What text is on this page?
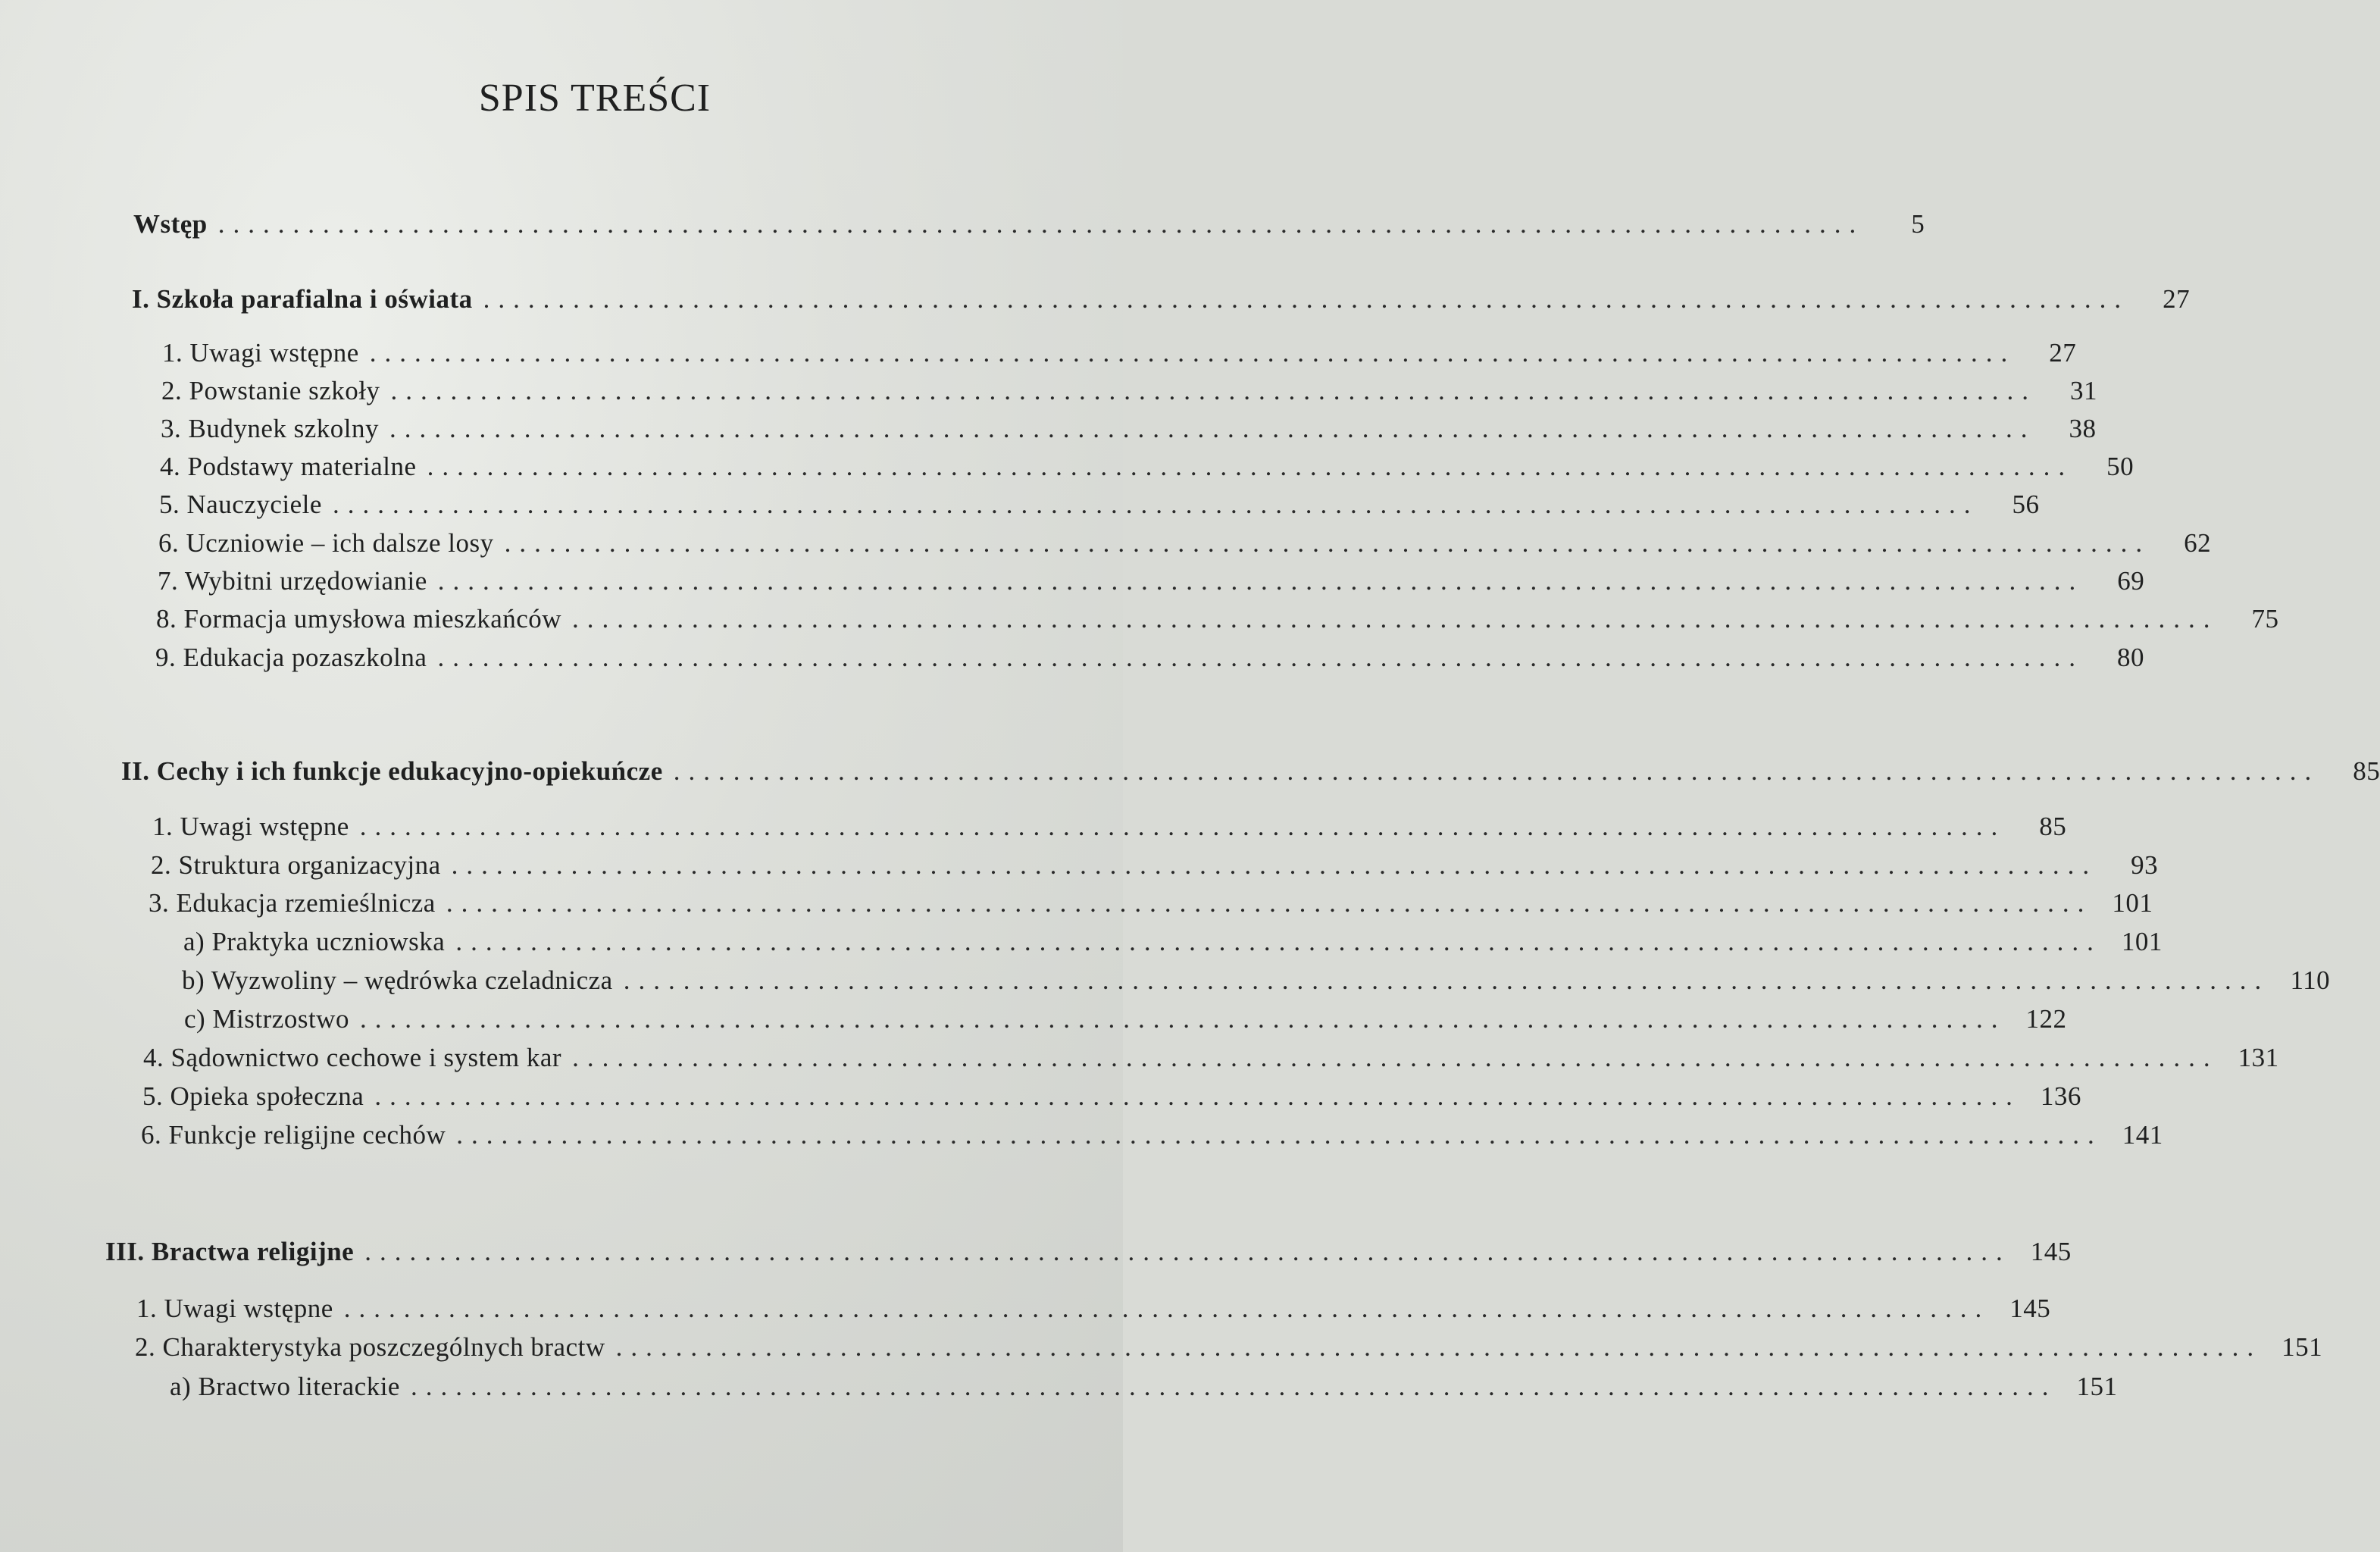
SPIS TREŚCI
Wstęp ..............................................................................................................	5
I. Szkoła parafialna i oświata ..............................................................................................................	27
1. Uwagi wstępne ..............................................................................................................	27
2. Powstanie szkoły ..............................................................................................................	31
3. Budynek szkolny ..............................................................................................................	38
4. Podstawy materialne ..............................................................................................................	50
5. Nauczyciele ..............................................................................................................	56
6. Uczniowie – ich dalsze losy ..............................................................................................................	62
7. Wybitni urzędowianie ..............................................................................................................	69
8. Formacja umysłowa mieszkańców ..............................................................................................................	75
9. Edukacja pozaszkolna ..............................................................................................................	80
II. Cechy i ich funkcje edukacyjno-opiekuńcze ..............................................................................................................	85
1. Uwagi wstępne ..............................................................................................................	85
2. Struktura organizacyjna ..............................................................................................................	93
3. Edukacja rzemieślnicza .............................................................................................................. 101
a) Praktyka uczniowska .............................................................................................................. 101
b) Wyzwoliny – wędrówka czeladnicza .............................................................................................................. 110
c) Mistrzostwo .............................................................................................................. 122
4. Sądownictwo cechowe i system kar .............................................................................................................. 131
5. Opieka społeczna .............................................................................................................. 136
6. Funkcje religijne cechów .............................................................................................................. 141
III. Bractwa religijne .............................................................................................................. 145
1. Uwagi wstępne .............................................................................................................. 145
2. Charakterystyka poszczególnych bractw .............................................................................................................. 151
a) Bractwo literackie .............................................................................................................. 151
